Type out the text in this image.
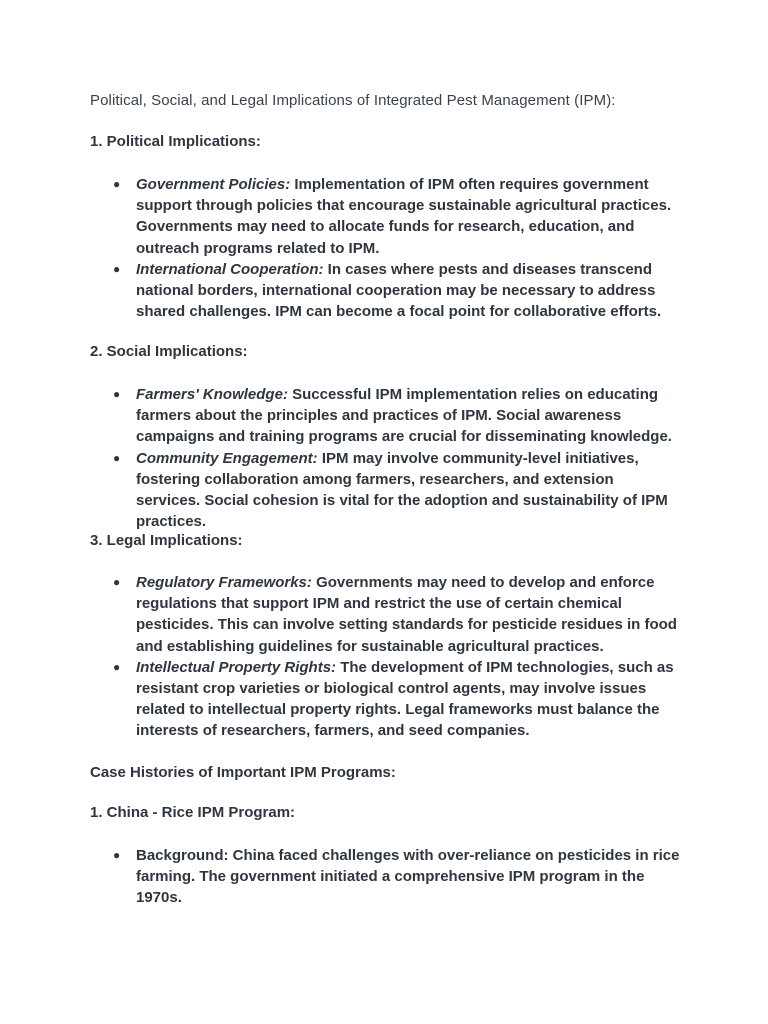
Political, Social, and Legal Implications of Integrated Pest Management (IPM):
1. Political Implications:
● Government Policies: Implementation of IPM often requires government support through policies that encourage sustainable agricultural practices. Governments may need to allocate funds for research, education, and outreach programs related to IPM.
● International Cooperation: In cases where pests and diseases transcend national borders, international cooperation may be necessary to address shared challenges. IPM can become a focal point for collaborative efforts.
2. Social Implications:
● Farmers' Knowledge: Successful IPM implementation relies on educating farmers about the principles and practices of IPM. Social awareness campaigns and training programs are crucial for disseminating knowledge.
● Community Engagement: IPM may involve community-level initiatives, fostering collaboration among farmers, researchers, and extension services. Social cohesion is vital for the adoption and sustainability of IPM practices.
3. Legal Implications:
● Regulatory Frameworks: Governments may need to develop and enforce regulations that support IPM and restrict the use of certain chemical pesticides. This can involve setting standards for pesticide residues in food and establishing guidelines for sustainable agricultural practices.
● Intellectual Property Rights: The development of IPM technologies, such as resistant crop varieties or biological control agents, may involve issues related to intellectual property rights. Legal frameworks must balance the interests of researchers, farmers, and seed companies.
Case Histories of Important IPM Programs:
1. China - Rice IPM Program:
● Background: China faced challenges with over-reliance on pesticides in rice farming. The government initiated a comprehensive IPM program in the 1970s.
